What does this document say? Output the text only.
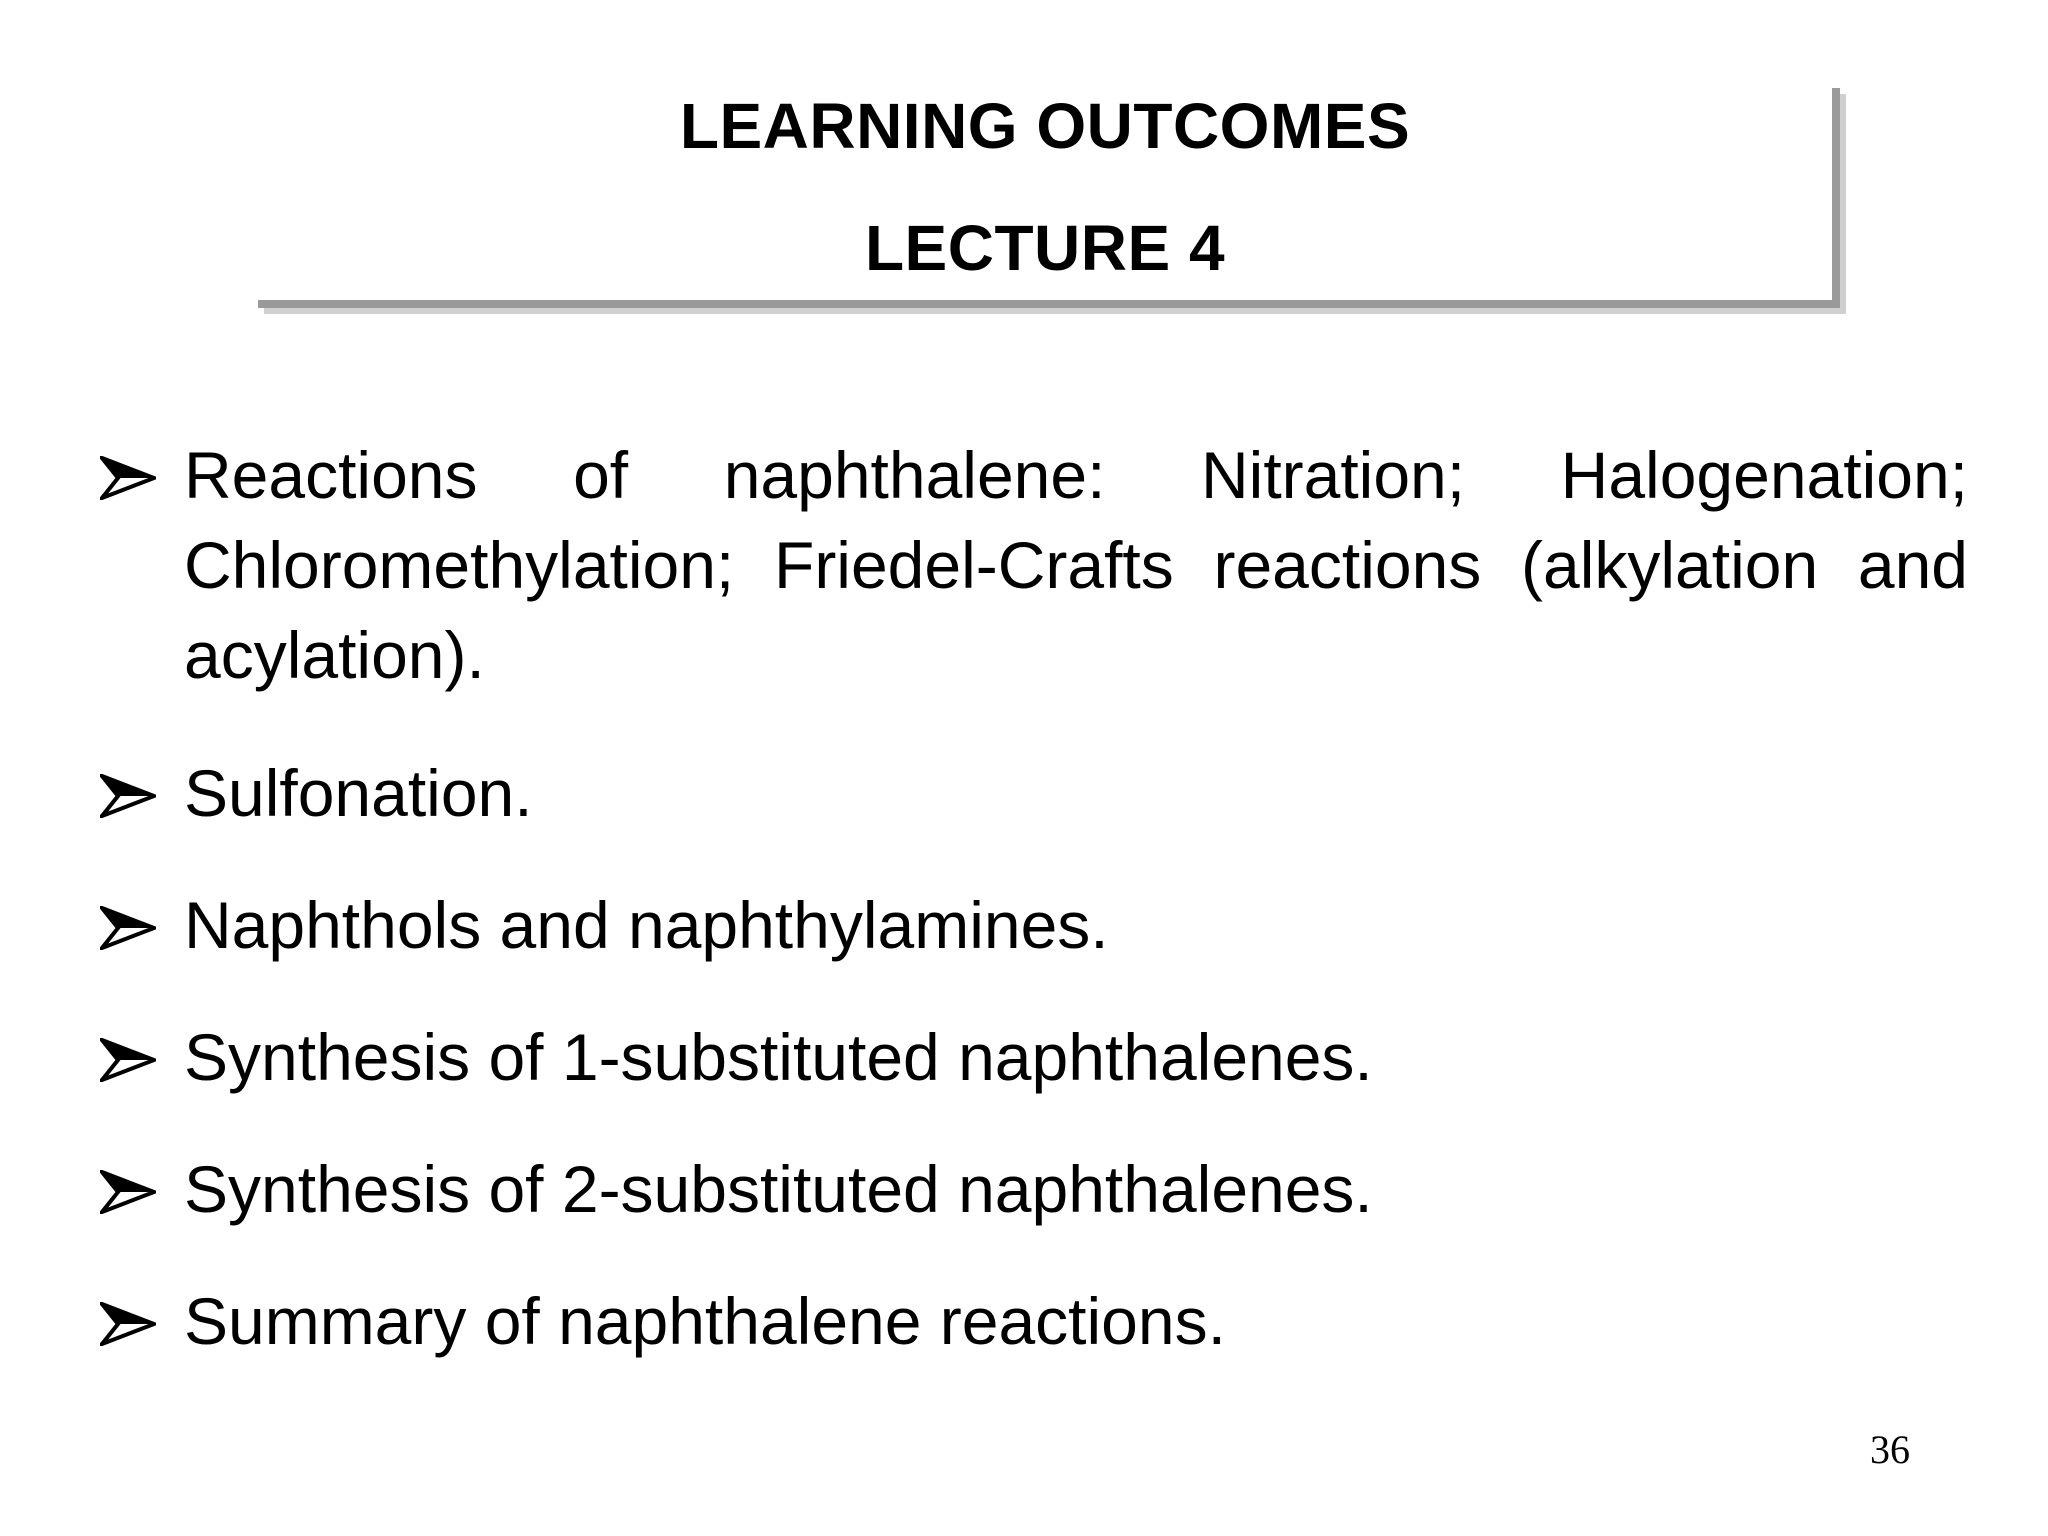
LEARNING OUTCOMES
LECTURE 4
Reactions of naphthalene: Nitration; Halogenation; Chloromethylation; Friedel-Crafts reactions (alkylation and acylation).
Sulfonation.
Naphthols and naphthylamines.
Synthesis of 1-substituted naphthalenes.
Synthesis of 2-substituted naphthalenes.
Summary of naphthalene reactions.
36
